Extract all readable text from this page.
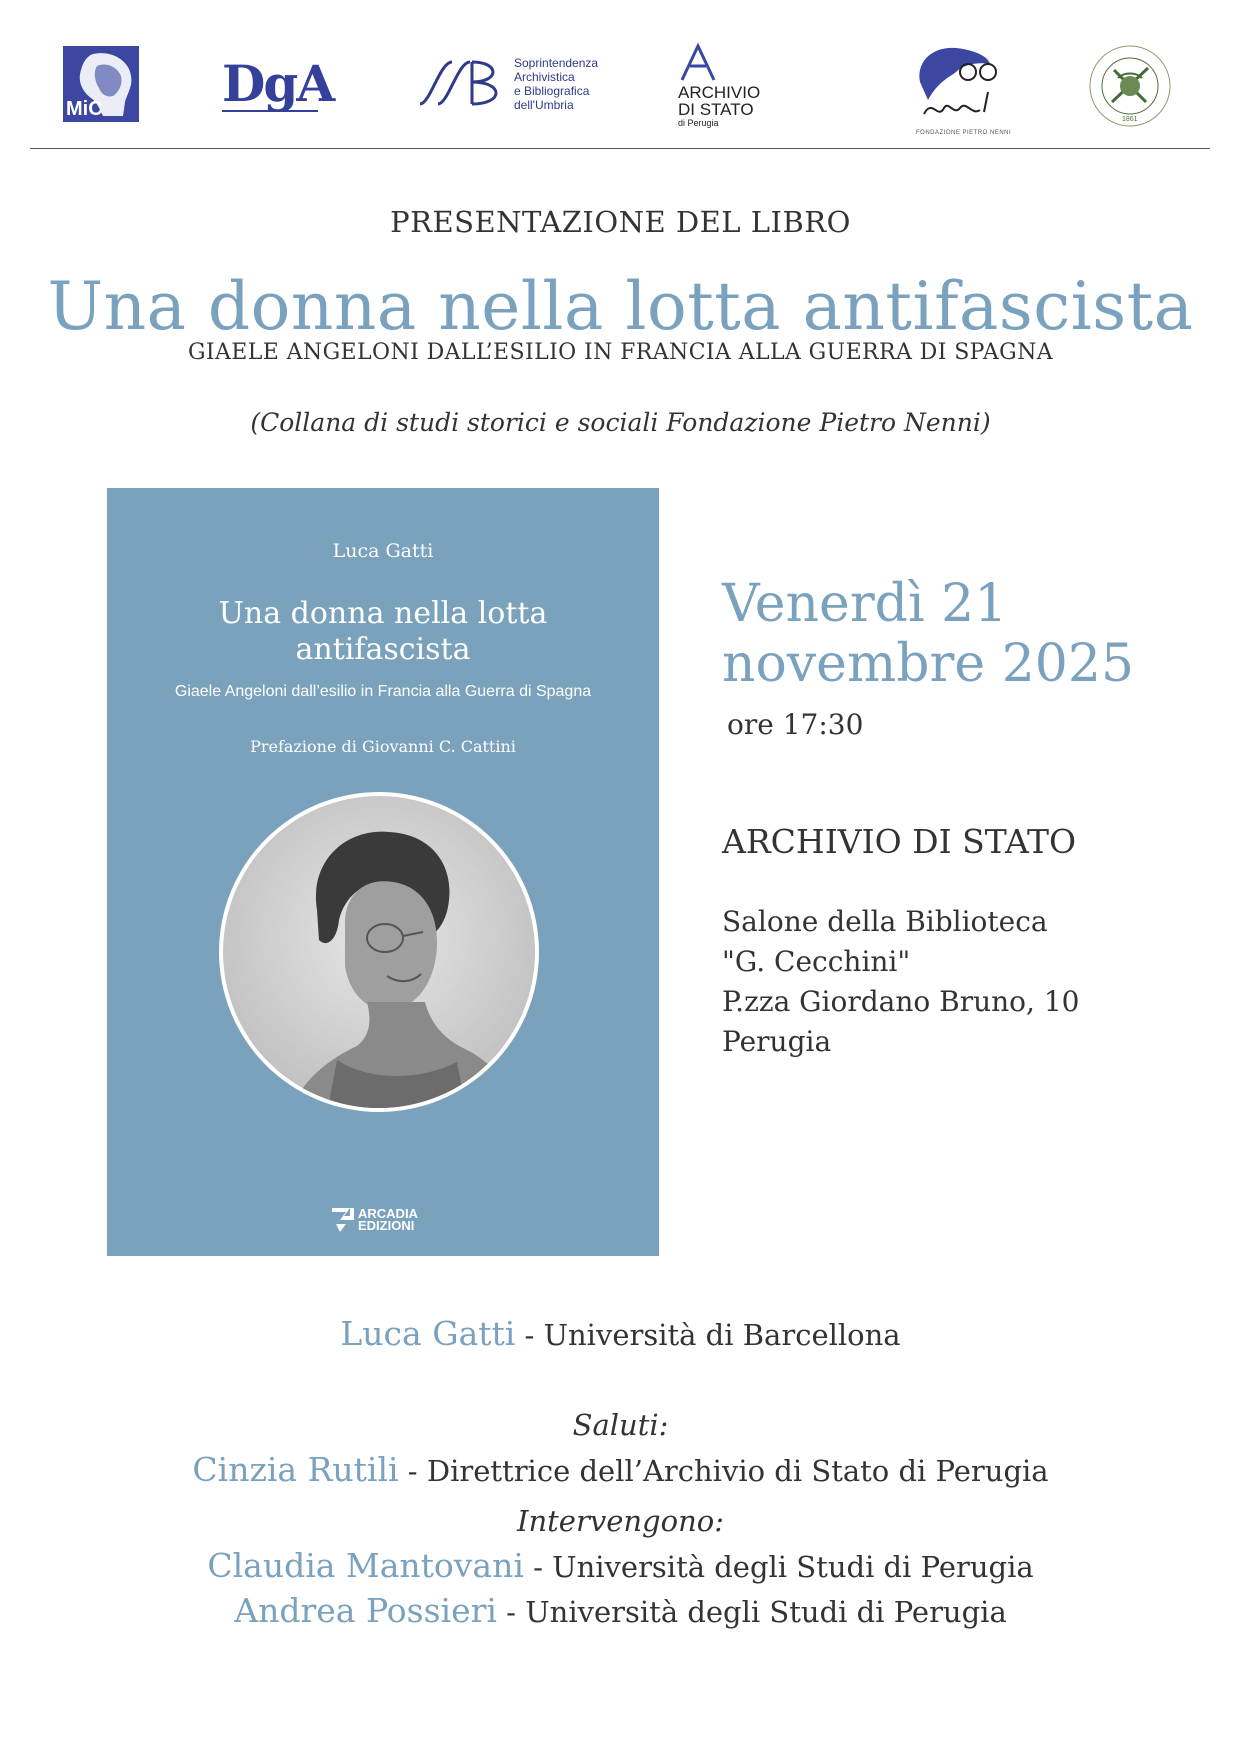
MiC DgA	Soprintendenza
Archivistica
e Bibliografica
dell'Umbria
ARCHIVIO
DI STATO
di Perugia
FONDAZIONE PIETRO NENNI
1861
PRESENTAZIONE DEL LIBRO
Una donna nella lotta antifascista
GIAELE ANGELONI DALL’ESILIO IN FRANCIA ALLA GUERRA DI SPAGNA
(Collana di studi storici e sociali Fondazione Pietro Nenni)
Luca Gatti
Una donna nella lotta
antifascista
Giaele Angeloni dall’esilio in Francia alla Guerra di Spagna
Prefazione di Giovanni C. Cattini
ARCADIA
EDIZIONI
Venerdì 21
novembre 2025
ore 17:30
ARCHIVIO DI STATO
Salone della Biblioteca
"G. Cecchini"
P.zza Giordano Bruno, 10
Perugia
Luca Gatti - Università di Barcellona
Saluti:
Cinzia Rutili - Direttrice dell’Archivio di Stato di Perugia
Intervengono:
Claudia Mantovani - Università degli Studi di Perugia
Andrea Possieri - Università degli Studi di Perugia
